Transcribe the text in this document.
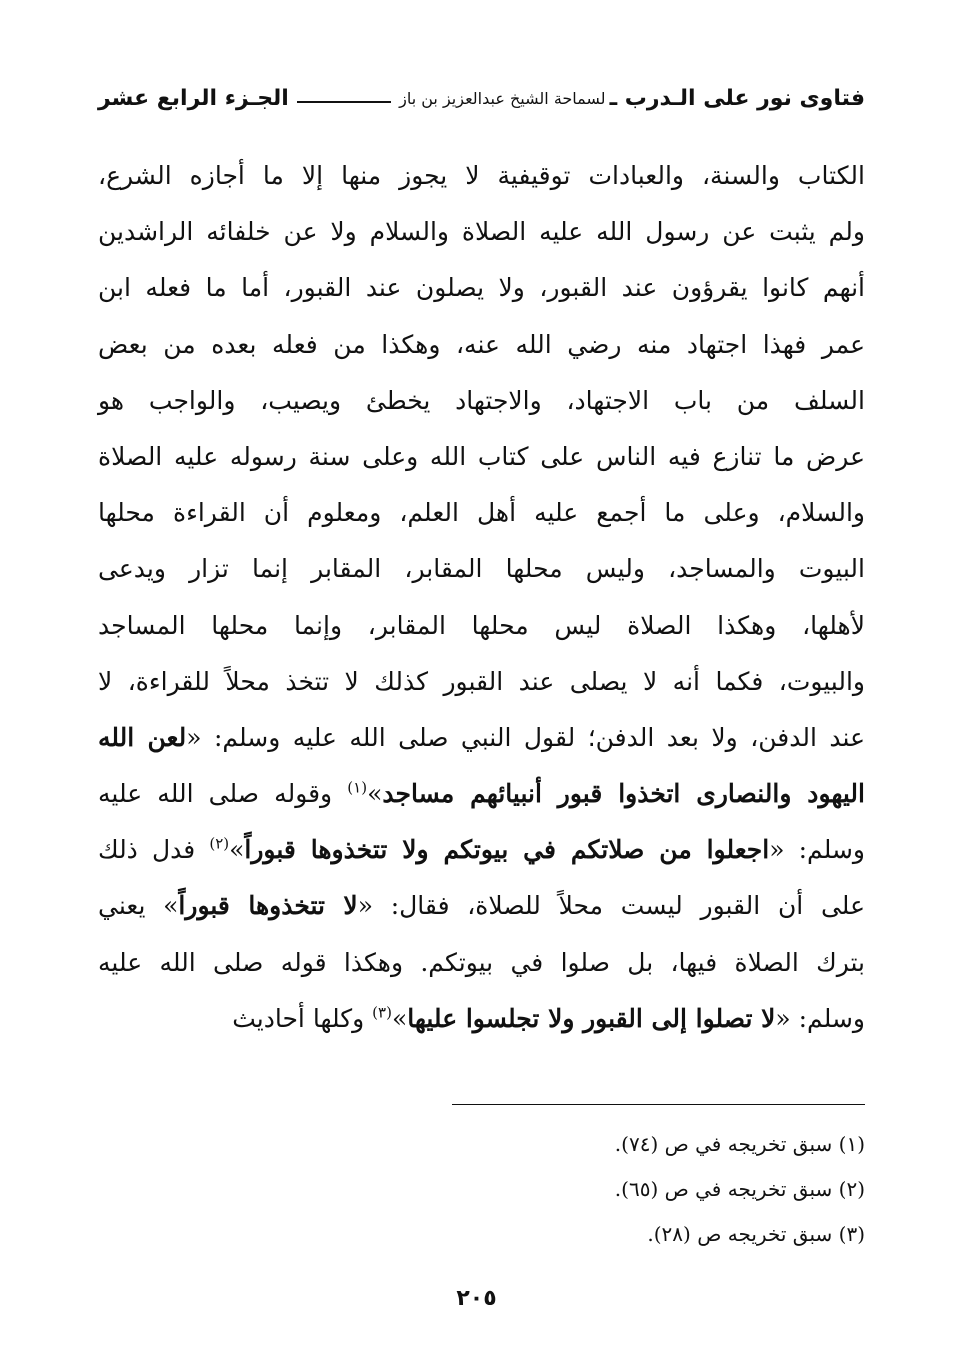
فتاوى نور على الـدرب ـ
لسماحة الشيخ عبدالعزيز بن باز
الجـزء الرابع عشر
الكتاب والسنة، والعبادات توقيفية لا يجوز منها إلا ما أجازه الشرع،
ولم يثبت عن رسول الله عليه الصلاة والسلام ولا عن خلفائه الراشدين
أنهم كانوا يقرؤون عند القبور، ولا يصلون عند القبور، أما ما فعله ابن
عمر فهذا اجتهاد منه رضي الله عنه، وهكذا من فعله بعده من بعض
السلف من باب الاجتهاد، والاجتهاد يخطئ ويصيب، والواجب هو
عرض ما تنازع فيه الناس على كتاب الله وعلى سنة رسوله عليه الصلاة
والسلام، وعلى ما أجمع عليه أهل العلم، ومعلوم أن القراءة محلها
البيوت والمساجد، وليس محلها المقابر، المقابر إنما تزار ويدعى
لأهلها، وهكذا الصلاة ليس محلها المقابر، وإنما محلها المساجد
والبيوت، فكما أنه لا يصلى عند القبور كذلك لا تتخذ محلاً للقراءة، لا
عند الدفن، ولا بعد الدفن؛ لقول النبي صلى الله عليه وسلم: «لعن الله
اليهود والنصارى اتخذوا قبور أنبيائهم مساجد»$^{(١)}$ وقوله صلى الله عليه
وسلم: «اجعلوا من صلاتكم في بيوتكم ولا تتخذوها قبوراً»$^{(٢)}$ فدل ذلك
على أن القبور ليست محلاً للصلاة، فقال: «لا تتخذوها قبوراً» يعني
بترك الصلاة فيها، بل صلوا في بيوتكم. وهكذا قوله صلى الله عليه
وسلم: «لا تصلوا إلى القبور ولا تجلسوا عليها»$^{(٣)}$ وكلها أحاديث
(١) سبق تخريجه في ص (٧٤).
(٢) سبق تخريجه في ص (٦٥).
(٣) سبق تخريجه ص (٢٨).
٢٠٥
